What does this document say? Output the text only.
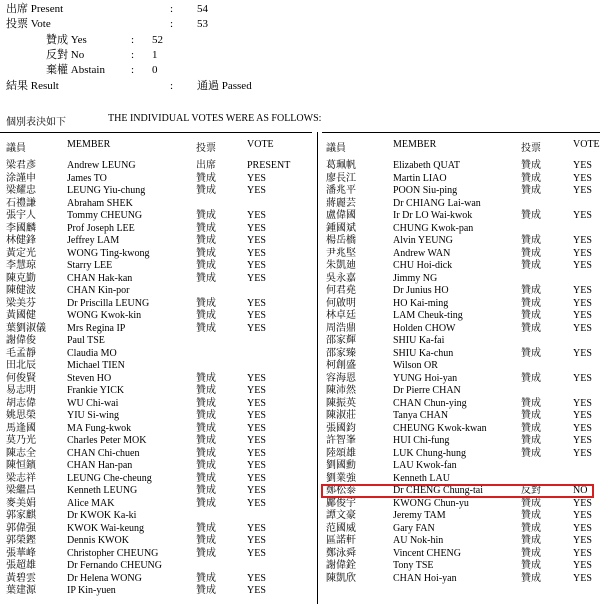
出席 Present	: 54
投票 Vote	: 53
贊成 Yes	: 52
反對 No	: 1
棄權 Abstain : 0
結果 Result	: 通過 Passed
個別表決如下	THE INDIVIDUAL VOTES WERE AS FOLLOWS:
議員	MEMBER	投票	VOTE	議員	MEMBER	投票	VOTE
梁君彥	Andrew LEUNG	出席	PRESENT
涂謹申	James TO	贊成	YES
梁耀忠	LEUNG Yiu-chung	贊成	YES
石禮謙	Abraham SHEK
張宇人	Tommy CHEUNG	贊成	YES
李國麟	Prof Joseph LEE	贊成	YES
林健鋒	Jeffrey LAM	贊成	YES
黃定光	WONG Ting-kwong	贊成	YES
李慧琼	Starry LEE	贊成	YES
陳克勤	CHAN Hak-kan	贊成	YES
陳健波	CHAN Kin-por
梁美芬	Dr Priscilla LEUNG	贊成	YES
黃國健	WONG Kwok-kin	贊成	YES
葉劉淑儀 Mrs Regina IP	贊成	YES
謝偉俊	Paul TSE
毛孟靜	Claudia MO
田北辰	Michael TIEN
何俊賢	Steven HO	贊成	YES
易志明	Frankie YICK	贊成	YES
胡志偉	WU Chi-wai	贊成	YES
姚思榮	YIU Si-wing	贊成	YES
馬逢國	MA Fung-kwok	贊成	YES
莫乃光	Charles Peter MOK	贊成	YES
陳志全	CHAN Chi-chuen	贊成	YES
陳恒鑌	CHAN Han-pan	贊成	YES
梁志祥	LEUNG Che-cheung	贊成	YES
梁繼昌	Kenneth LEUNG	贊成	YES
麥美娟	Alice MAK	贊成	YES
郭家麒	Dr KWOK Ka-ki
郭偉强	KWOK Wai-keung	贊成	YES
郭榮鏗	Dennis KWOK	贊成	YES
張華峰	Christopher CHEUNG	贊成	YES
張超雄	Dr Fernando CHEUNG
黃碧雲	Dr Helena WONG	贊成	YES
葉建源	IP Kin-yuen	贊成	YES
葛珮帆	Elizabeth QUAT	贊成	YES
廖長江	Martin LIAO	贊成	YES
潘兆平	POON Siu-ping	贊成	YES
蔣麗芸	Dr CHIANG Lai-wan
盧偉國	Ir Dr LO Wai-kwok	贊成	YES
鍾國斌	CHUNG Kwok-pan
楊岳橋	Alvin YEUNG	贊成	YES
尹兆堅	Andrew WAN	贊成	YES
朱凱廸	CHU Hoi-dick	贊成	YES
吳永嘉	Jimmy NG
何君堯	Dr Junius HO	贊成	YES
何啟明	HO Kai-ming	贊成	YES
林卓廷	LAM Cheuk-ting	贊成	YES
周浩鼎	Holden CHOW	贊成	YES
邵家輝	SHIU Ka-fai
邵家臻	SHIU Ka-chun	贊成	YES
柯創盛	Wilson OR
容海恩	YUNG Hoi-yan	贊成	YES
陳沛然	Dr Pierre CHAN
陳振英	CHAN Chun-ying	贊成	YES
陳淑莊	Tanya CHAN	贊成	YES
張國鈞	CHEUNG Kwok-kwan	贊成	YES
許智峯	HUI Chi-fung	贊成	YES
陸頌雄	LUK Chung-hung	贊成	YES
劉國勳	LAU Kwok-fan
劉業強	Kenneth LAU
鄭松泰	Dr CHENG Chung-tai	反對	NO
鄺俊宇	KWONG Chun-yu	贊成	YES
譚文豪	Jeremy TAM	贊成	YES
范國威	Gary FAN	贊成	YES
區諾軒	AU Nok-hin	贊成	YES
鄭泳舜	Vincent CHENG	贊成	YES
謝偉銓	Tony TSE	贊成	YES
陳凱欣	CHAN Hoi-yan	贊成	YES
